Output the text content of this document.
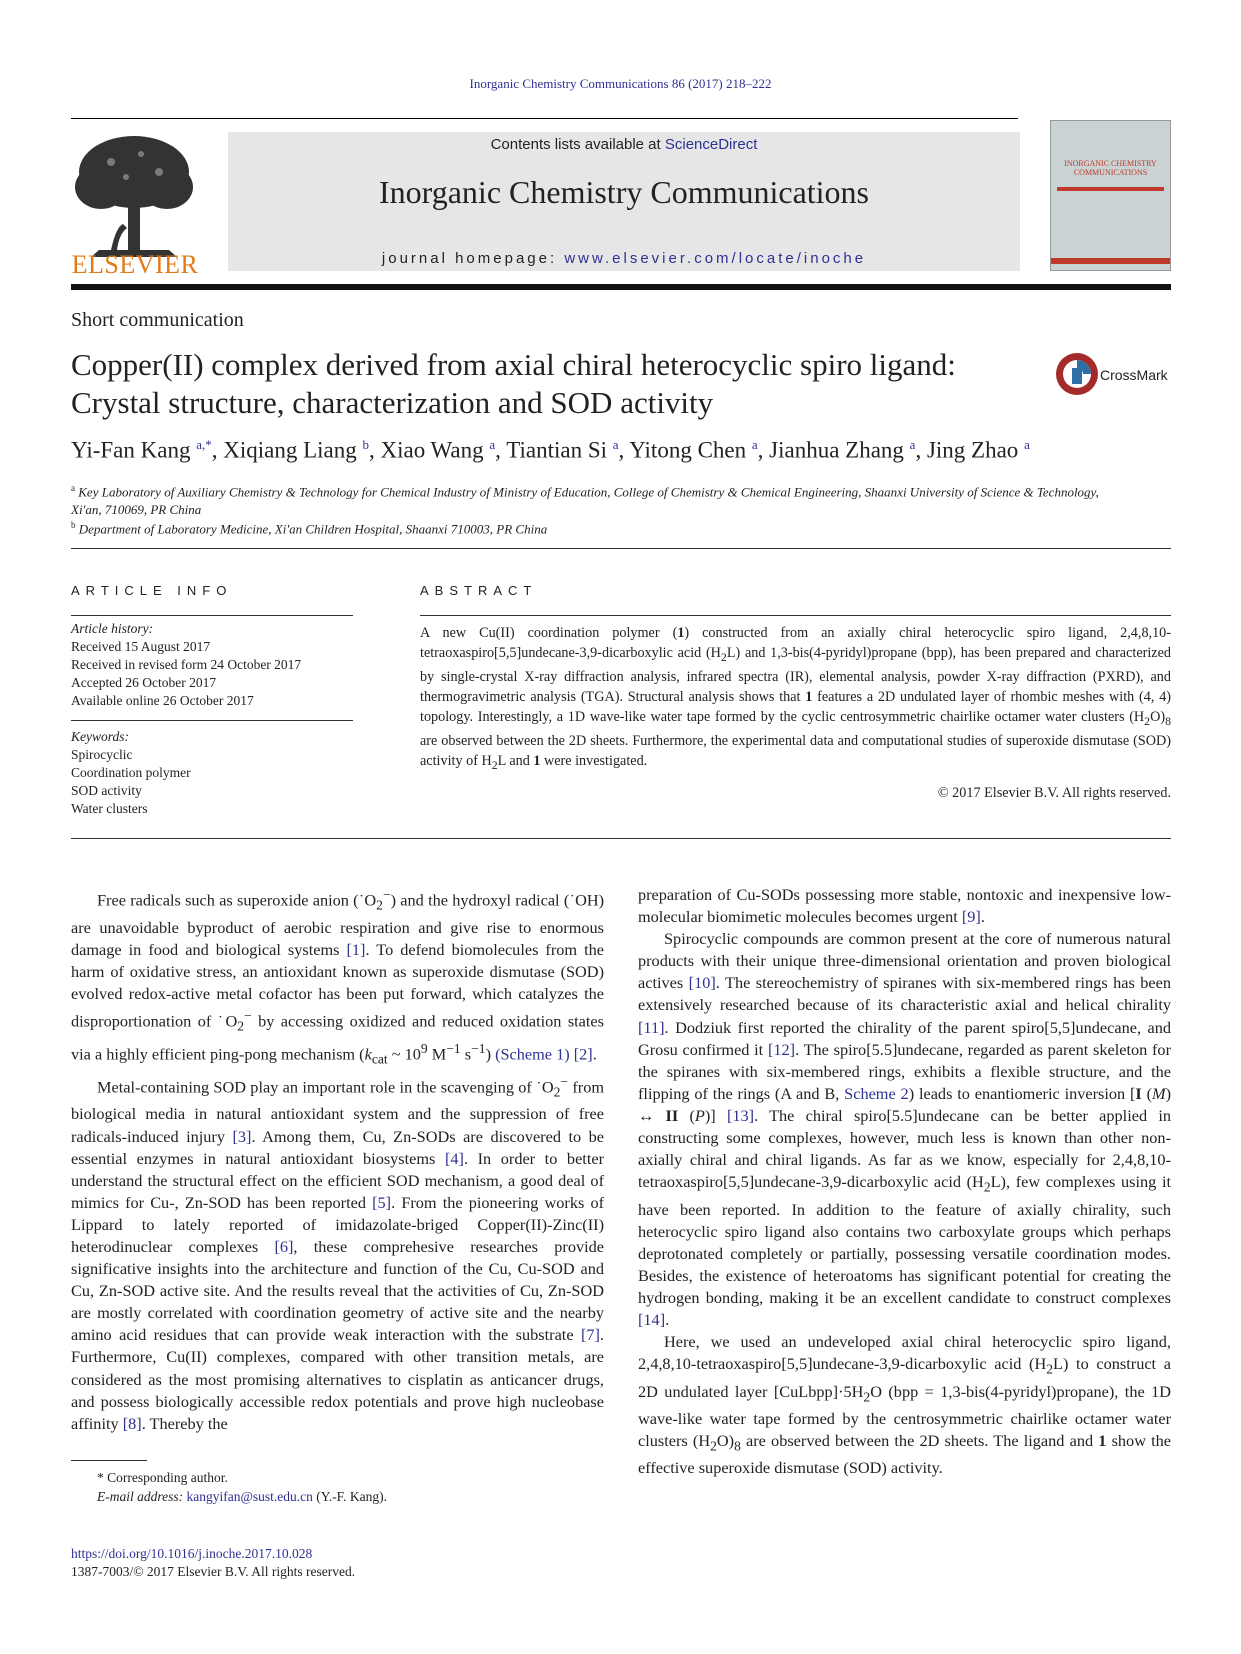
Inorganic Chemistry Communications 86 (2017) 218–222
ELSEVIER
Contents lists available at ScienceDirect
Inorganic Chemistry Communications
journal homepage: www.elsevier.com/locate/inoche
INORGANIC CHEMISTRY COMMUNICATIONS
Short communication
Copper(II) complex derived from axial chiral heterocyclic spiro ligand:
Crystal structure, characterization and SOD activity
CrossMark
Yi-Fan Kang $^{a,*}$, Xiqiang Liang $^b$, Xiao Wang $^a$, Tiantian Si $^a$, Yitong Chen $^a$, Jianhua Zhang $^a$, Jing Zhao $^a$
$^a$ Key Laboratory of Auxiliary Chemistry & Technology for Chemical Industry of Ministry of Education, College of Chemistry & Chemical Engineering, Shaanxi University of Science & Technology,
Xi'an, 710069, PR China
$^b$ Department of Laboratory Medicine, Xi'an Children Hospital, Shaanxi 710003, PR China
ARTICLE INFO	ABSTRACT
Article history:
Received 15 August 2017
Received in revised form 24 October 2017
Accepted 26 October 2017
Available online 26 October 2017
Keywords:
Spirocyclic
Coordination polymer
SOD activity
Water clusters
A new Cu(II) coordination polymer (1) constructed from an axially chiral heterocyclic spiro ligand, 2,4,8,10-tetraoxaspiro[5,5]undecane-3,9-dicarboxylic acid $(H_2L)$ and 1,3-bis(4-pyridyl)propane (bpp), has been prepared and characterized by single-crystal X-ray diffraction analysis, infrared spectra (IR), elemental analysis, powder X-ray diffraction (PXRD), and thermogravimetric analysis (TGA). Structural analysis shows that 1 features a 2D undulated layer of rhombic meshes with (4, 4) topology. Interestingly, a 1D wave-like water tape formed by the cyclic centrosymmetric chairlike octamer water clusters $(H_2O)_8$ are observed between the 2D sheets. Furthermore, the experimental data and computational studies of superoxide dismutase (SOD) activity of $H_2L$ and 1 were investigated.
© 2017 Elsevier B.V. All rights reserved.

Free radicals such as superoxide anion $(˙O_2^-)$ and the hydroxyl radical (˙OH) are unavoidable byproduct of aerobic respiration and give rise to enormous damage in food and biological systems [1]. To defend biomolecules from the harm of oxidative stress, an antioxidant known as superoxide dismutase (SOD) evolved redox-active metal cofactor has been put forward, which catalyzes the disproportionation of $˙O_2^-$ by accessing oxidized and reduced oxidation states via a highly efficient ping-pong mechanism ($k_{cat}$ ~ $10^9$ $M^{-1}$ $s^{-1}$) (Scheme 1) [2].

Metal-containing SOD play an important role in the scavenging of $˙O_2^-$ from biological media in natural antioxidant system and the suppression of free radicals-induced injury [3]. Among them, Cu, Zn-SODs are discovered to be essential enzymes in natural antioxidant biosystems [4]. In order to better understand the structural effect on the efficient SOD mechanism, a good deal of mimics for Cu-, Zn-SOD has been reported [5]. From the pioneering works of Lippard to lately reported of imidazolate-briged Copper(II)-Zinc(II) heterodinuclear complexes [6], these comprehesive researches provide significative insights into the architecture and function of the Cu, Cu-SOD and Cu, Zn-SOD active site. And the results reveal that the activities of Cu, Zn-SOD are mostly correlated with coordination geometry of active site and the nearby amino acid residues that can provide weak interaction with the substrate [7]. Furthermore, Cu(II) complexes, compared with other transition metals, are considered as the most promising alternatives to cisplatin as anticancer drugs, and possess biologically accessible redox potentials and prove high nucleobase affinity [8]. Thereby the

preparation of Cu-SODs possessing more stable, nontoxic and inexpensive low-molecular biomimetic molecules becomes urgent [9].

Spirocyclic compounds are common present at the core of numerous natural products with their unique three-dimensional orientation and proven biological actives [10]. The stereochemistry of spiranes with six-membered rings has been extensively researched because of its characteristic axial and helical chirality [11]. Dodziuk first reported the chirality of the parent spiro[5,5]undecane, and Grosu confirmed it [12]. The spiro[5.5]undecane, regarded as parent skeleton for the spiranes with six-membered rings, exhibits a flexible structure, and the flipping of the rings (A and B, Scheme 2) leads to enantiomeric inversion [I (M) ↔ II (P)] [13]. The chiral spiro[5.5]undecane can be better applied in constructing some complexes, however, much less is known than other non-axially chiral and chiral ligands. As far as we know, especially for 2,4,8,10-tetraoxaspiro[5,5]undecane-3,9-dicarboxylic acid $(H_2L)$, few complexes using it have been reported. In addition to the feature of axially chirality, such heterocyclic spiro ligand also contains two carboxylate groups which perhaps deprotonated completely or partially, possessing versatile coordination modes. Besides, the existence of heteroatoms has significant potential for creating the hydrogen bonding, making it be an excellent candidate to construct complexes [14].

Here, we used an undeveloped axial chiral heterocyclic spiro ligand, 2,4,8,10-tetraoxaspiro[5,5]undecane-3,9-dicarboxylic acid $(H_2L)$ to construct a 2D undulated layer $[CuLbpp]\cdot 5H_2O$ (bpp = 1,3-bis(4-pyridyl)propane), the 1D wave-like water tape formed by the centrosymmetric chairlike octamer water clusters $(H_2O)_8$ are observed between the 2D sheets. The ligand and 1 show the effective superoxide dismutase (SOD) activity.

* Corresponding author.
E-mail address: kangyifan@sust.edu.cn (Y.-F. Kang).
https://doi.org/10.1016/j.inoche.2017.10.028
1387-7003/© 2017 Elsevier B.V. All rights reserved.
